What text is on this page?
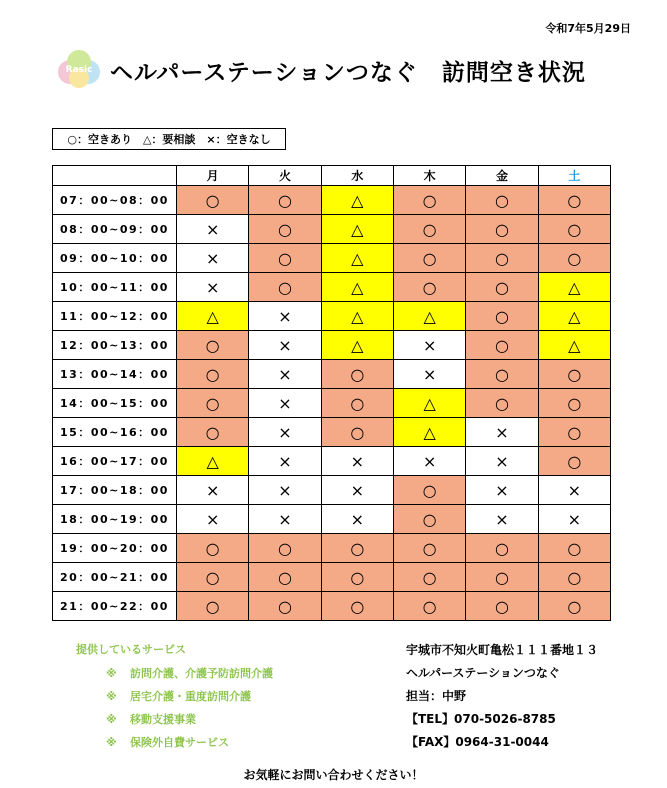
令和7年5月29日
Rasic ヘルパーステーションつなぐ　訪問空き状況
○：空きあり　△：要相談　×：空きなし
	月	火	水	木	金	土
07：00~08：00	○	○	△	○	○	○
08：00~09：00	×	○	△	○	○	○
09：00~10：00	×	○	△	○	○	○
10：00~11：00	×	○	△	○	○	△
11：00~12：00	△	×	△	△	○	△
12：00~13：00	○	×	△	×	○	△
13：00~14：00	○	×	○	×	○	○
14：00~15：00	○	×	○	△	○	○
15：00~16：00	○	×	○	△	×	○
16：00~17：00	△	×	×	×	×	○
17：00~18：00	×	×	×	○	×	×
18：00~19：00	×	×	×	○	×	×
19：00~20：00	○	○	○	○	○	○
20：00~21：00	○	○	○	○	○	○
21：00~22：00	○	○	○	○	○	○
提供しているサービス
※ 訪問介護、介護予防訪問介護
※ 居宅介護・重度訪問介護
※ 移動支援事業
※ 保険外自費サービス
宇城市不知火町亀松１１１番地１３
ヘルパーステーションつなぐ
担当：中野
【TEL】070-5026-8785
【FAX】0964-31-0044
お気軽にお問い合わせください！
